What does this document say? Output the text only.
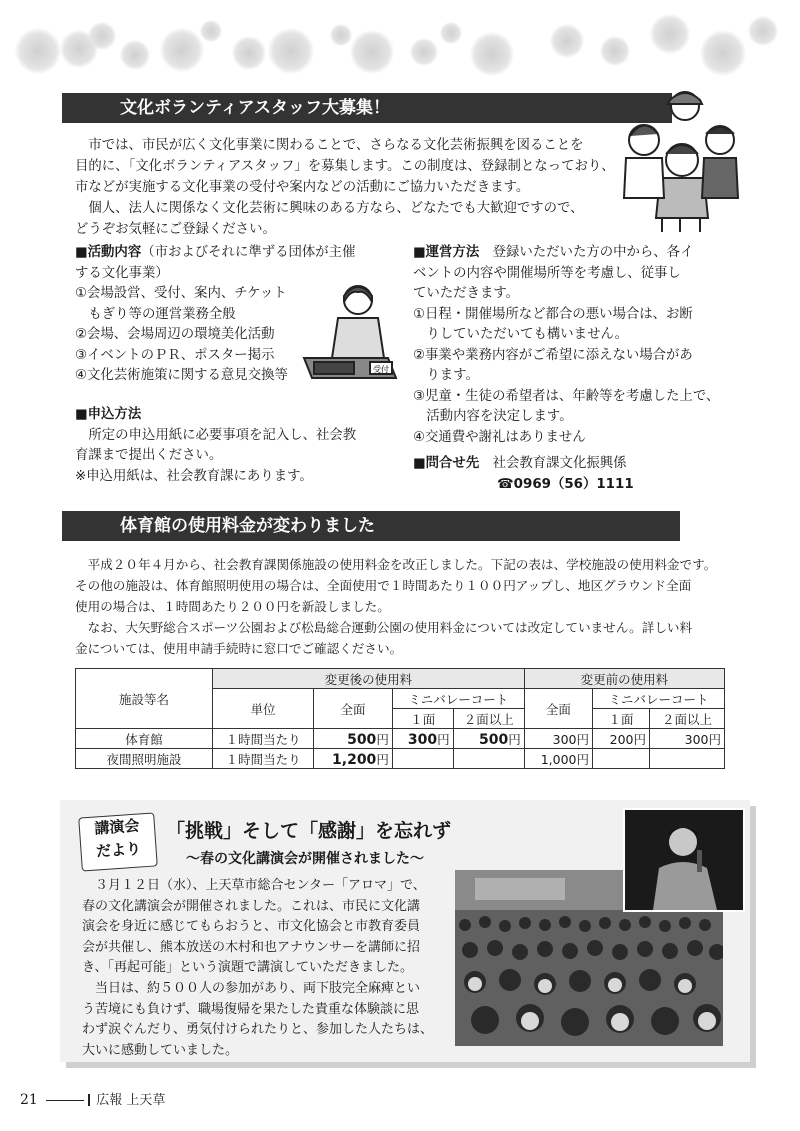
文化ボランティアスタッフ大募集！

市では、市民が広く文化事業に関わることで、さらなる文化芸術振興を図ることを

目的に、「文化ボランティアスタッフ」を募集します。この制度は、登録制となっており、

市などが実施する文化事業の受付や案内などの活動にご協力いただきます。

個人、法人に関係なく文化芸術に興味のある方なら、どなたでも大歓迎ですので、

どうぞお気軽にご登録ください。

■活動内容（市およびそれに準ずる団体が主催
する文化事業）
①会場設営、受付、案内、チケット
　もぎり等の運営業務全般
②会場、会場周辺の環境美化活動
③イベントのＰＲ、ポスター掲示
④文化芸術施策に関する意見交換等	受付
■申込方法
所定の申込用紙に必要事項を記入し、社会教
育課まで提出ください。
※申込用紙は、社会教育課にあります。
■運営方法　登録いただいた方の中から、各イ
ベントの内容や開催場所等を考慮し、従事し
ていただきます。
①日程・開催場所など都合の悪い場合は、お断
　りしていただいても構いません。
②事業や業務内容がご希望に添えない場合があ
　ります。
③児童・生徒の希望者は、年齢等を考慮した上で、
　活動内容を決定します。
④交通費や謝礼はありません
■問合せ先　 社会教育課文化振興係
☎0969（56）1111
体育館の使用料金が変わりました

平成２０年４月から、社会教育課関係施設の使用料金を改正しました。下記の表は、学校施設の使用料金です。

その他の施設は、体育館照明使用の場合は、全面使用で１時間あたり１００円アップし、地区グラウンド全面

使用の場合は、１時間あたり２００円を新設しました。

なお、大矢野総合スポーツ公園および松島総合運動公園の使用料金については改定していません。詳しい料

金については、使用申請手続時に窓口でご確認ください。

施設等名	変更後の使用料				変更前の使用料		
	単位	全面	ミニバレーコート		全面	ミニバレーコート	
			１面	２面以上		１面	２面以上
体育館	１時間当たり	500円	300円	500円	300円	200円	300円
夜間照明施設	１時間当たり	1,200円			1,000円		
講演会
だより
「挑戦」そして「感謝」を忘れず
～春の文化講演会が開催されました～

３月１２日（水）、上天草市総合センター「アロマ」で、

春の文化講演会が開催されました。これは、市民に文化講

演会を身近に感じてもらおうと、市文化協会と市教育委員

会が共催し、熊本放送の木村和也アナウンサーを講師に招

き、「再起可能」という演題で講演していただきました。

　当日は、約５００人の参加があり、両下肢完全麻痺とい

う苦境にも負けず、職場復帰を果たした貴重な体験談に思

わず涙ぐんだり、勇気付けられたりと、参加した人たちは、

大いに感動していました。

21	広報 上天草
